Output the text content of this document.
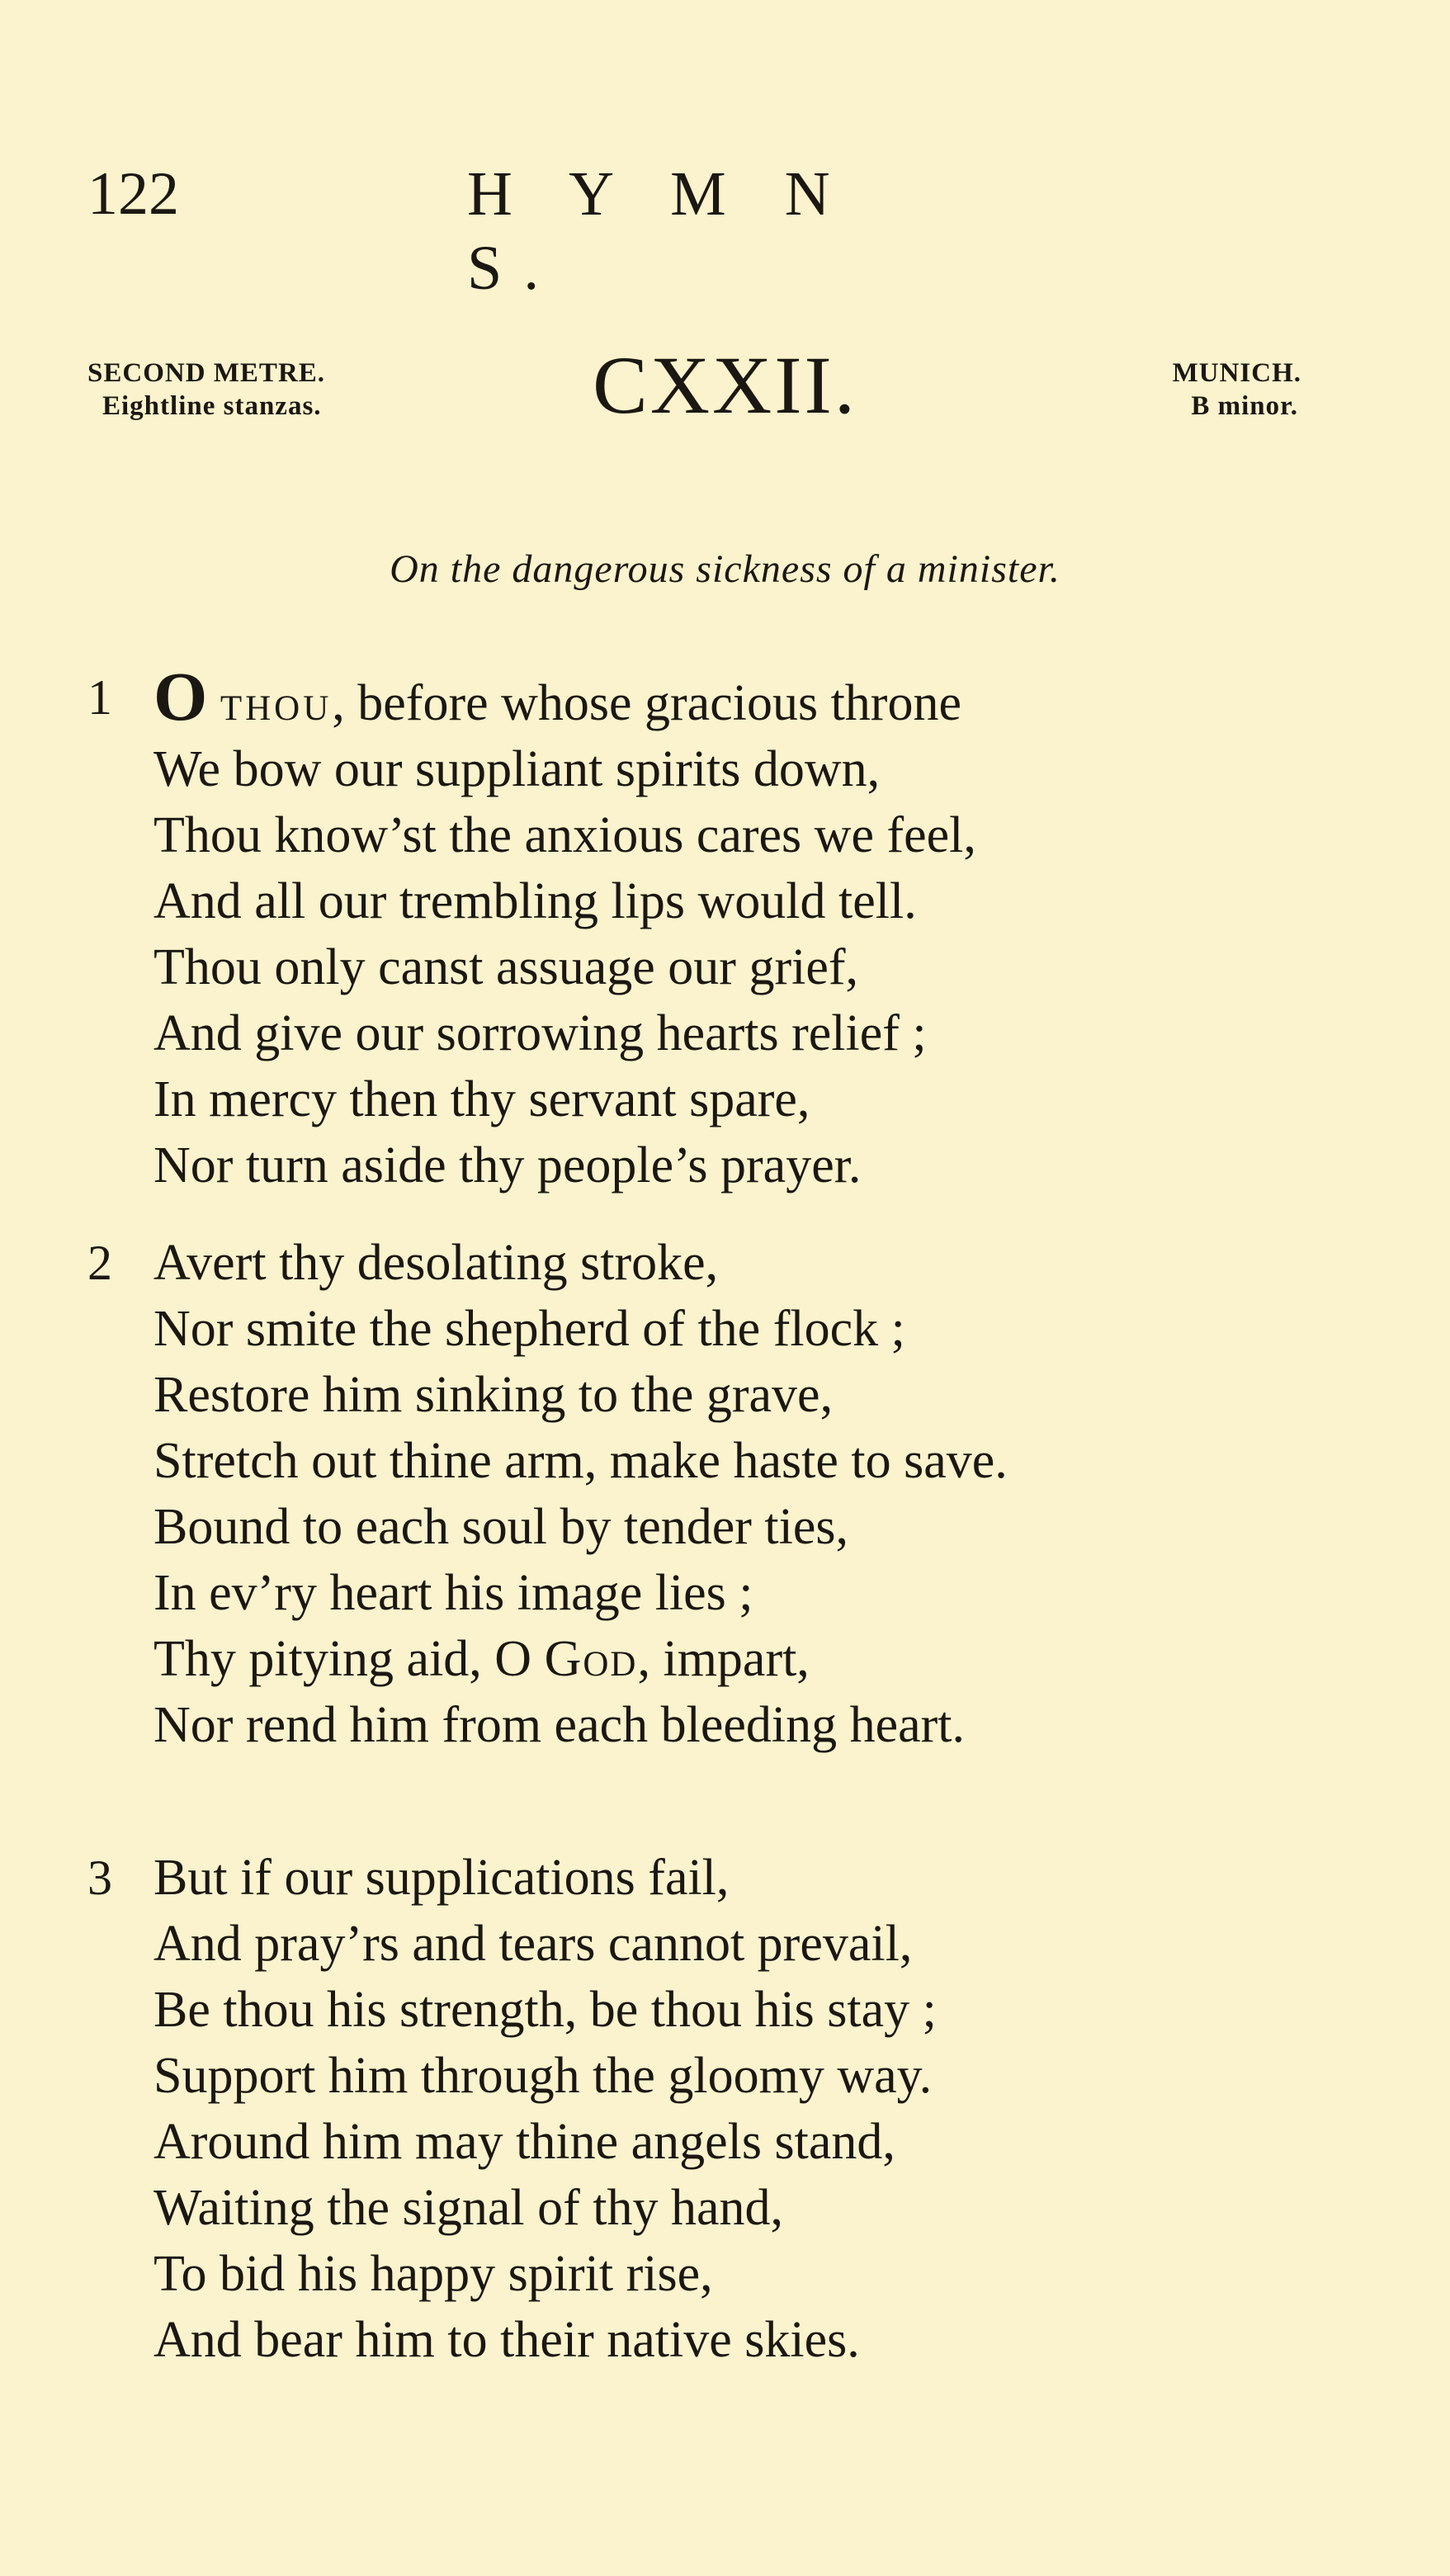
122	H Y M N S.
SECOND METRE.
Eightline stanzas.	CXXII.	MUNICH.
B minor.
On the dangerous sickness of a minister.
1 O thou, before whose gracious throne
We bow our suppliant spirits down,
Thou know’st the anxious cares we feel,
And all our trembling lips would tell.
Thou only canst assuage our grief,
And give our sorrowing hearts relief ;
In mercy then thy servant spare,
Nor turn aside thy people’s prayer.
2 Avert thy desolating stroke,
Nor smite the shepherd of the flock ;
Restore him sinking to the grave,
Stretch out thine arm, make haste to save.
Bound to each soul by tender ties,
In ev’ry heart his image lies ;
Thy pitying aid, O God, impart,
Nor rend him from each bleeding heart.
3 But if our supplications fail,
And pray’rs and tears cannot prevail,
Be thou his strength, be thou his stay ;
Support him through the gloomy way.
Around him may thine angels stand,
Waiting the signal of thy hand,
To bid his happy spirit rise,
And bear him to their native skies.
